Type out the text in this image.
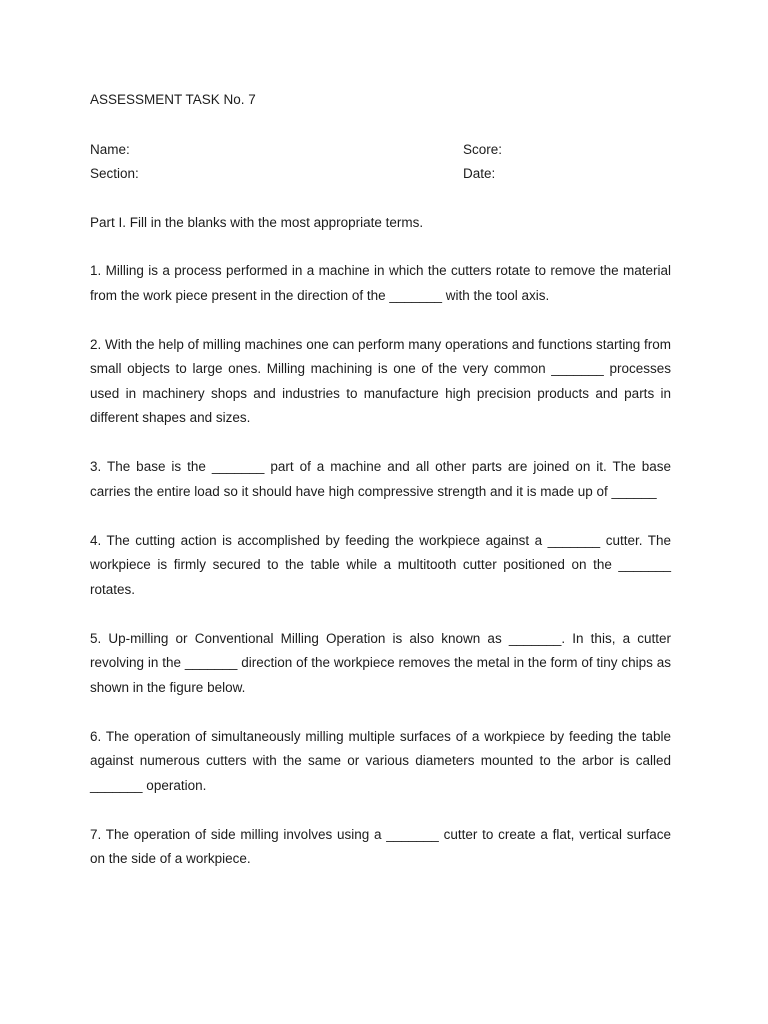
ASSESSMENT TASK No. 7
Name:	Score:
Section:	Date:
Part I. Fill in the blanks with the most appropriate terms.

1. Milling is a process performed in a machine in which the cutters rotate to remove the material from the work piece present in the direction of the _______ with the tool axis.

2. With the help of milling machines one can perform many operations and functions starting from small objects to large ones. Milling machining is one of the very common _______ processes used in machinery shops and industries to manufacture high precision products and parts in different shapes and sizes.

3. The base is the _______ part of a machine and all other parts are joined on it. The base carries the entire load so it should have high compressive strength and it is made up of ______

4. The cutting action is accomplished by feeding the workpiece against a _______ cutter. The workpiece is firmly secured to the table while a multitooth cutter positioned on the _______ rotates.

5. Up-milling or Conventional Milling Operation is also known as _______. In this, a cutter revolving in the _______ direction of the workpiece removes the metal in the form of tiny chips as shown in the figure below.

6. The operation of simultaneously milling multiple surfaces of a workpiece by feeding the table against numerous cutters with the same or various diameters mounted to the arbor is called _______ operation.

7. The operation of side milling involves using a _______ cutter to create a flat, vertical surface on the side of a workpiece.
